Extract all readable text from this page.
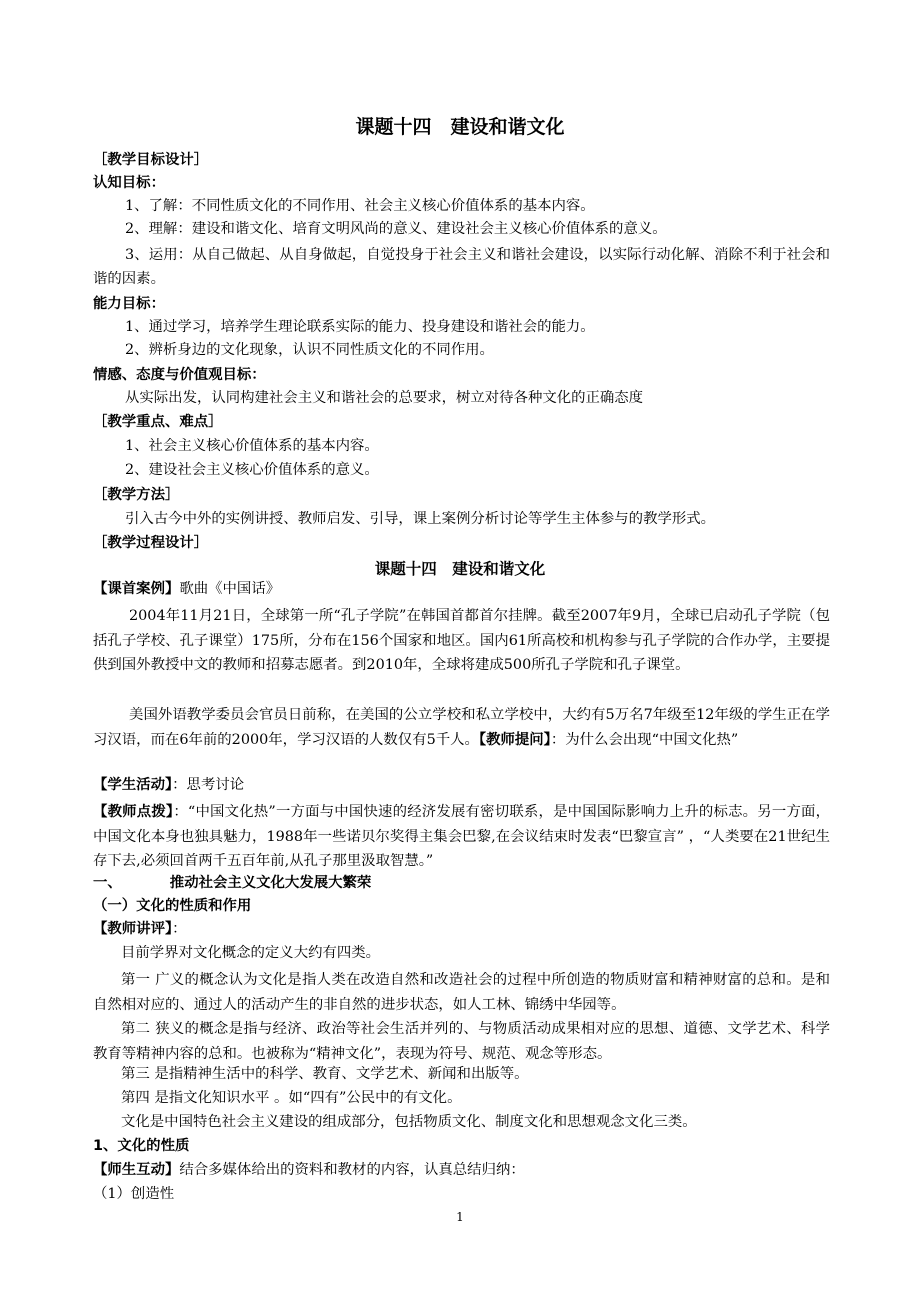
课题十四　建设和谐文化
［教学目标设计］
认知目标：
1、了解：不同性质文化的不同作用、社会主义核心价值体系的基本内容。
2、理解：建设和谐文化、培育文明风尚的意义、建设社会主义核心价值体系的意义。
3、运用：从自己做起、从自身做起，自觉投身于社会主义和谐社会建设，以实际行动化解、消除不利于社会和谐的因素。
能力目标：
1、通过学习，培养学生理论联系实际的能力、投身建设和谐社会的能力。
2、辨析身边的文化现象，认识不同性质文化的不同作用。
情感、态度与价值观目标：
从实际出发，认同构建社会主义和谐社会的总要求，树立对待各种文化的正确态度
［教学重点、难点］
1、社会主义核心价值体系的基本内容。
2、建设社会主义核心价值体系的意义。
［教学方法］
引入古今中外的实例讲授、教师启发、引导，课上案例分析讨论等学生主体参与的教学形式。
［教学过程设计］
课题十四　建设和谐文化
【课首案例】歌曲《中国话》
2004年11月21日，全球第一所“孔子学院”在韩国首都首尔挂牌。截至2007年9月，全球已启动孔子学院（包括孔子学校、孔子课堂）175所，分布在156个国家和地区。国内61所高校和机构参与孔子学院的合作办学，主要提供到国外教授中文的教师和招募志愿者。到2010年，全球将建成500所孔子学院和孔子课堂。
美国外语教学委员会官员日前称，在美国的公立学校和私立学校中，大约有5万名7年级至12年级的学生正在学习汉语，而在6年前的2000年，学习汉语的人数仅有5千人。【教师提问】：为什么会出现“中国文化热”
【学生活动】：思考讨论
【教师点拨】：“中国文化热”一方面与中国快速的经济发展有密切联系，是中国国际影响力上升的标志。另一方面，中国文化本身也独具魅力，1988年一些诺贝尔奖得主集会巴黎,在会议结束时发表“巴黎宣言” ，“人类要在21世纪生存下去,必须回首两千五百年前,从孔子那里汲取智慧。”
一、	推动社会主义文化大发展大繁荣
（一）文化的性质和作用
【教师讲评】：
目前学界对文化概念的定义大约有四类。
第一 广义的概念认为文化是指人类在改造自然和改造社会的过程中所创造的物质财富和精神财富的总和。是和自然相对应的、通过人的活动产生的非自然的进步状态，如人工林、锦绣中华园等。
第二 狭义的概念是指与经济、政治等社会生活并列的、与物质活动成果相对应的思想、道德、文学艺术、科学教育等精神内容的总和。也被称为“精神文化”，表现为符号、规范、观念等形态。
第三 是指精神生活中的科学、教育、文学艺术、新闻和出版等。
第四 是指文化知识水平 。如“四有”公民中的有文化。
文化是中国特色社会主义建设的组成部分，包括物质文化、制度文化和思想观念文化三类。
1、文化的性质
【师生互动】结合多媒体给出的资料和教材的内容，认真总结归纳：
（1）创造性
1
